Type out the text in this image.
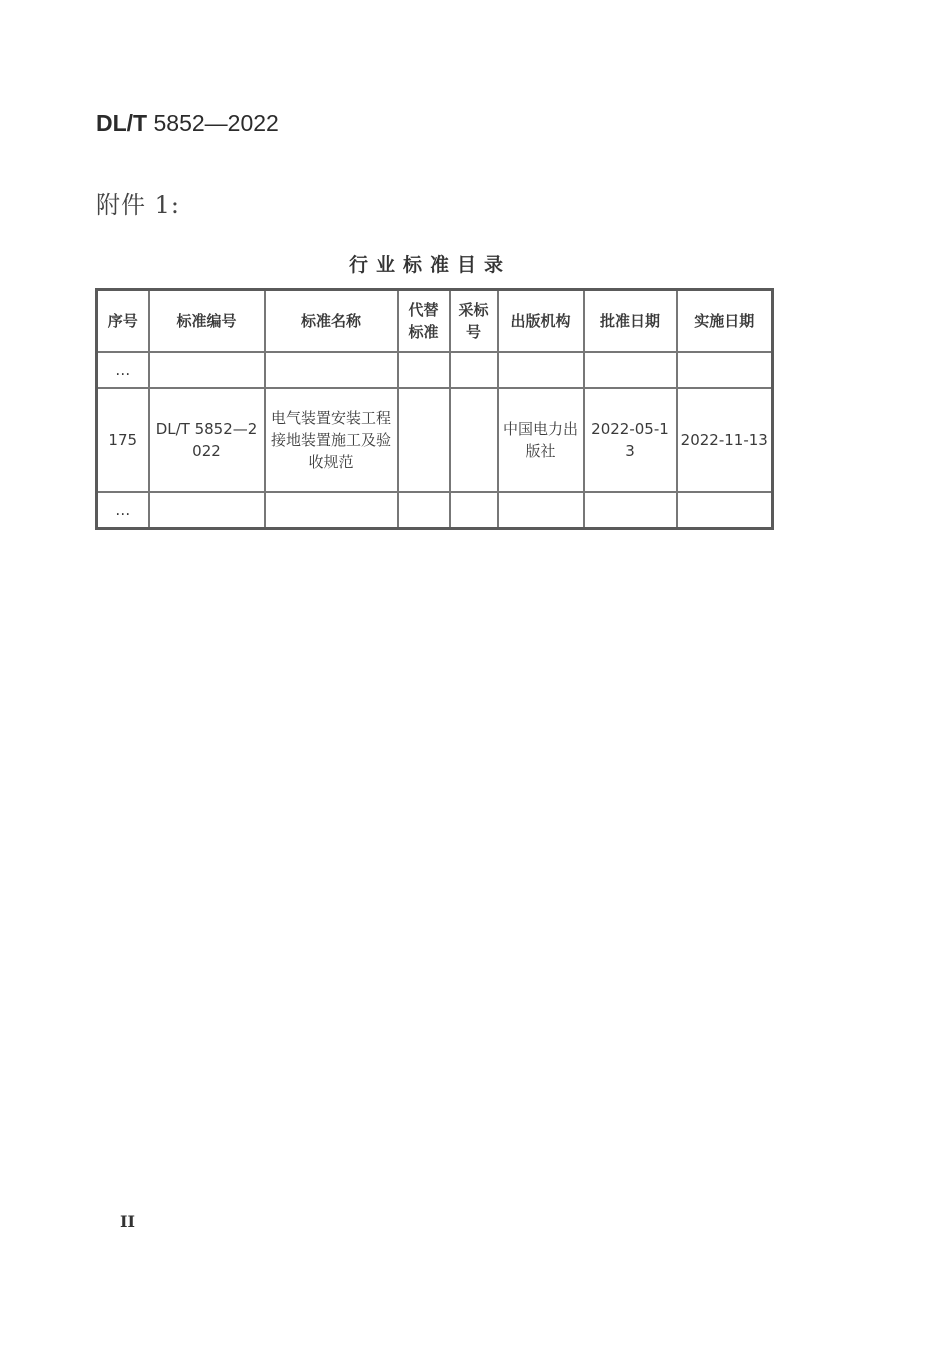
DL/T 5852—2022
附件 1:
行业标准目录
序号	标准编号	标准名称	代替标准	采标号	出版机构	批准日期	实施日期
…							
175	DL/T 5852—2022	电气装置安装工程接地装置施工及验收规范			中国电力出版社	2022-05-13	2022-11-13
…							
II
